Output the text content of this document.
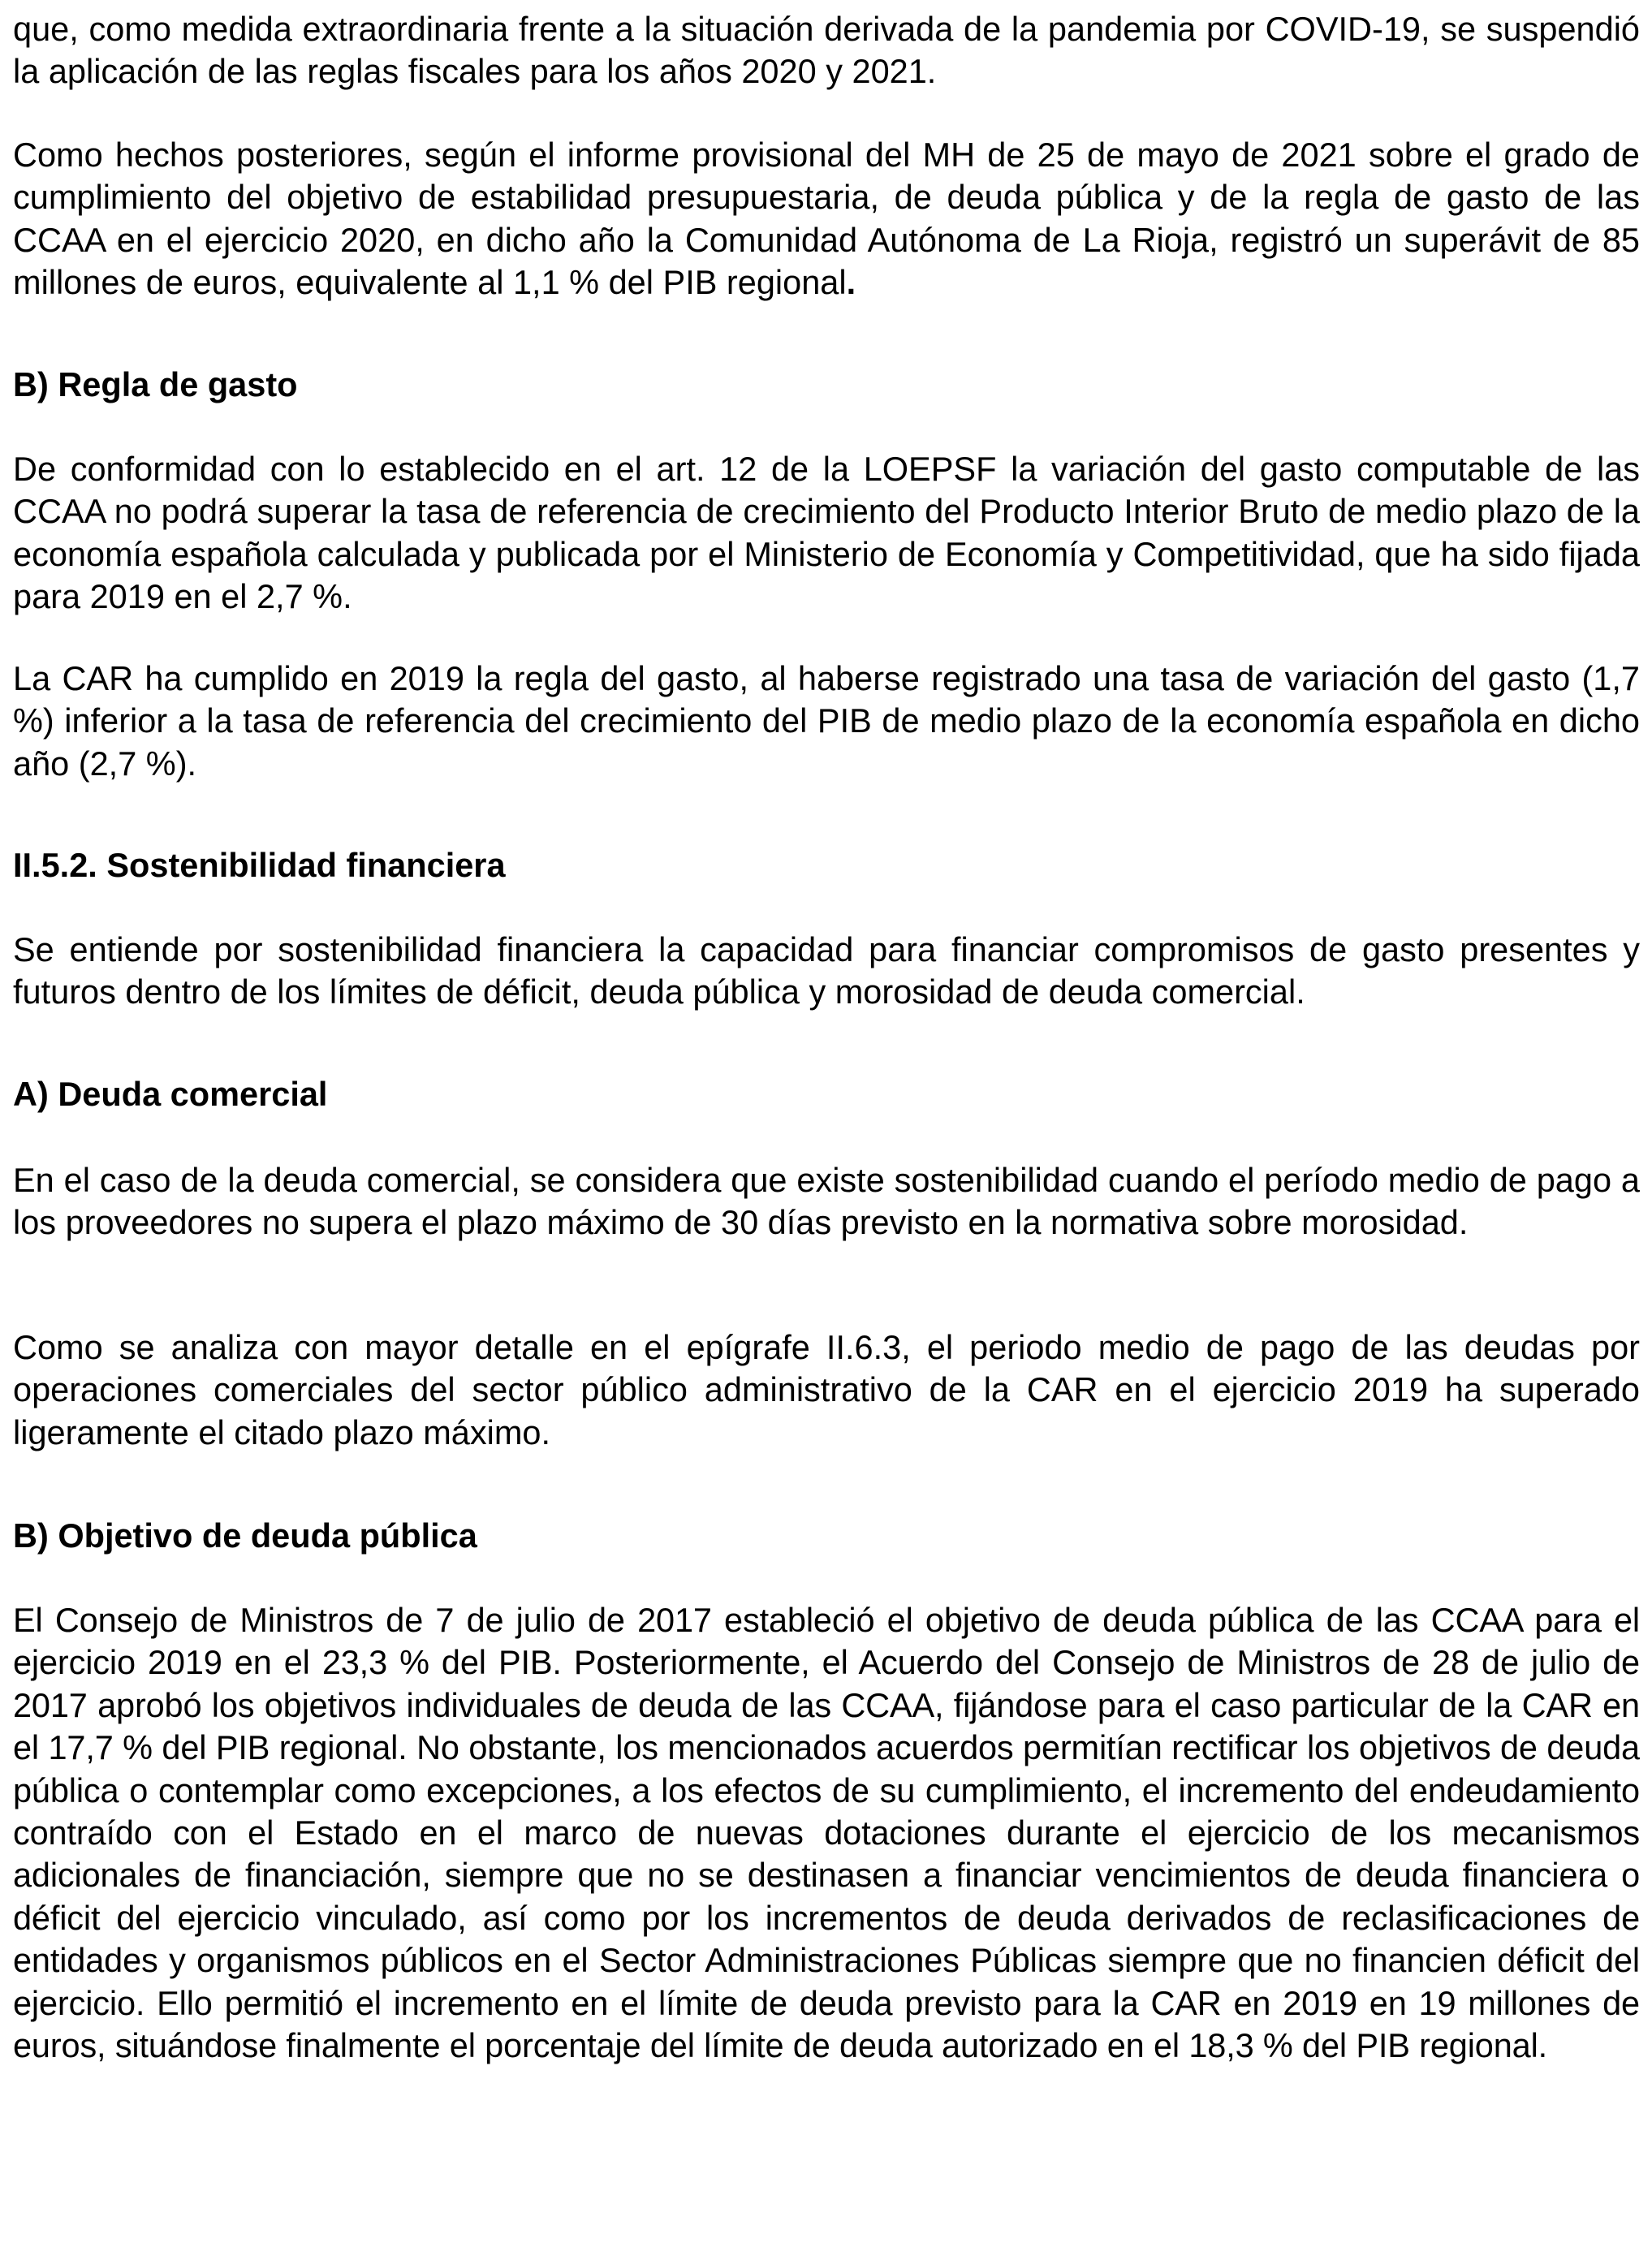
que, como medida extraordinaria frente a la situación derivada de la pandemia por COVID-19, se suspendió la aplicación de las reglas fiscales para los años 2020 y 2021.

Como hechos posteriores, según el informe provisional del MH de 25 de mayo de 2021 sobre el grado de cumplimiento del objetivo de estabilidad presupuestaria, de deuda pública y de la regla de gasto de las CCAA en el ejercicio 2020, en dicho año la Comunidad Autónoma de La Rioja, registró un superávit de 85 millones de euros, equivalente al 1,1 % del PIB regional.

B) Regla de gasto

De conformidad con lo establecido en el art. 12 de la LOEPSF la variación del gasto computable de las CCAA no podrá superar la tasa de referencia de crecimiento del Producto Interior Bruto de medio plazo de la economía española calculada y publicada por el Ministerio de Economía y Competitividad, que ha sido fijada para 2019 en el 2,7 %.

La CAR ha cumplido en 2019 la regla del gasto, al haberse registrado una tasa de variación del gasto (1,7 %) inferior a la tasa de referencia del crecimiento del PIB de medio plazo de la economía española en dicho año (2,7 %).

II.5.2. Sostenibilidad financiera

Se entiende por sostenibilidad financiera la capacidad para financiar compromisos de gasto presentes y futuros dentro de los límites de déficit, deuda pública y morosidad de deuda comercial.

A) Deuda comercial

En el caso de la deuda comercial, se considera que existe sostenibilidad cuando el período medio de pago a los proveedores no supera el plazo máximo de 30 días previsto en la normativa sobre morosidad.

Como se analiza con mayor detalle en el epígrafe II.6.3, el periodo medio de pago de las deudas por operaciones comerciales del sector público administrativo de la CAR en el ejercicio 2019 ha superado ligeramente el citado plazo máximo.

B) Objetivo de deuda pública

El Consejo de Ministros de 7 de julio de 2017 estableció el objetivo de deuda pública de las CCAA para el ejercicio 2019 en el 23,3 % del PIB. Posteriormente, el Acuerdo del Consejo de Ministros de 28 de julio de 2017 aprobó los objetivos individuales de deuda de las CCAA, fijándose para el caso particular de la CAR en el 17,7 % del PIB regional. No obstante, los mencionados acuerdos permitían rectificar los objetivos de deuda pública o contemplar como excepciones, a los efectos de su cumplimiento, el incremento del endeudamiento contraído con el Estado en el marco de nuevas dotaciones durante el ejercicio de los mecanismos adicionales de financiación, siempre que no se destinasen a financiar vencimientos de deuda financiera o déficit del ejercicio vinculado, así como por los incrementos de deuda derivados de reclasificaciones de entidades y organismos públicos en el Sector Administraciones Públicas siempre que no financien déficit del ejercicio. Ello permitió el incremento en el límite de deuda previsto para la CAR en 2019 en 19 millones de euros, situándose finalmente el porcentaje del límite de deuda autorizado en el 18,3 % del PIB regional.
